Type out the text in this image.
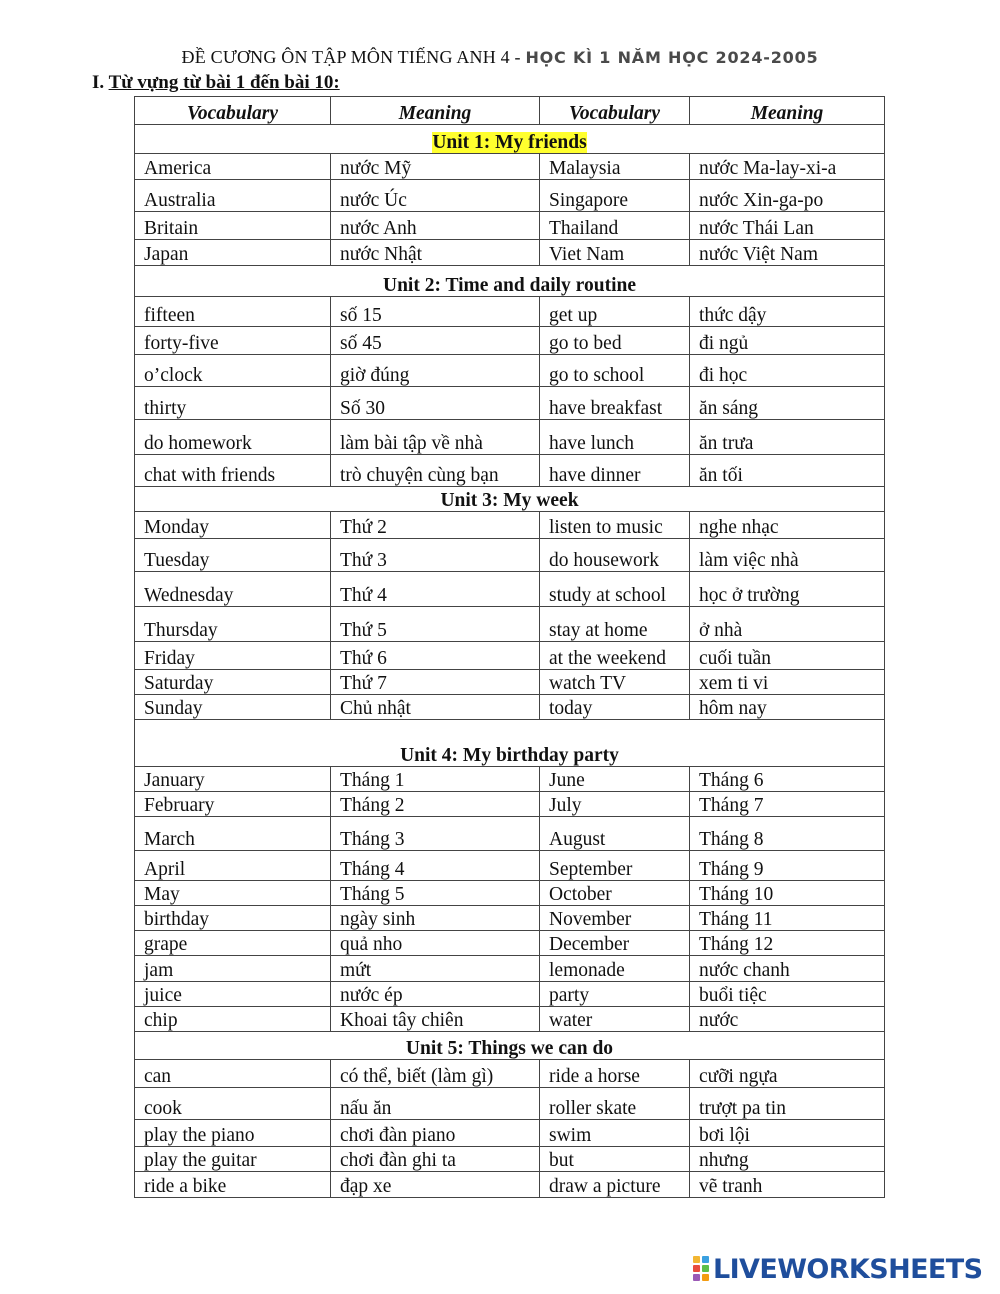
ĐỀ CƯƠNG ÔN TẬP MÔN TIẾNG ANH 4 - HỌC KÌ 1 NĂM HỌC 2024-2005
I. Từ vựng từ bài 1 đến bài 10:
Vocabulary	Meaning	Vocabulary	Meaning
Unit 1: My friends			
America	nước Mỹ	Malaysia	nước Ma-lay-xi-a
Australia	nước Úc	Singapore	nước Xin-ga-po
Britain	nước Anh	Thailand	nước Thái Lan
Japan	nước Nhật	Viet Nam	nước Việt Nam
Unit 2: Time and daily routine			
fifteen	số 15	get up	thức dậy
forty-five	số 45	go to bed	đi ngủ
o’clock	giờ đúng	go to school	đi học
thirty	Số 30	have breakfast	ăn sáng
do homework	làm bài tập về nhà	have lunch	ăn trưa
chat with friends	trò chuyện cùng bạn	have dinner	ăn tối
Unit 3: My week			
Monday	Thứ 2	listen to music	nghe nhạc
Tuesday	Thứ 3	do housework	làm việc nhà
Wednesday	Thứ 4	study at school	học ở trường
Thursday	Thứ 5	stay at home	ở nhà
Friday	Thứ 6	at the weekend	cuối tuần
Saturday	Thứ 7	watch TV	xem ti vi
Sunday	Chủ nhật	today	hôm nay
Unit 4: My birthday party			
January	Tháng 1	June	Tháng 6
February	Tháng 2	July	Tháng 7
March	Tháng 3	August	Tháng 8
April	Tháng 4	September	Tháng 9
May	Tháng 5	October	Tháng 10
birthday	ngày sinh	November	Tháng 11
grape	quả nho	December	Tháng 12
jam	mứt	lemonade	nước chanh
juice	nước ép	party	buổi tiệc
chip	Khoai tây chiên	water	nước
Unit 5: Things we can do			
can	có thể, biết (làm gì)	ride a horse	cưỡi ngựa
cook	nấu ăn	roller skate	trượt pa tin
play the piano	chơi đàn piano	swim	bơi lội
play the guitar	chơi đàn ghi ta	but	nhưng
ride a bike	đạp xe	draw a picture	vẽ tranh
LIVEWORKSHEETS
